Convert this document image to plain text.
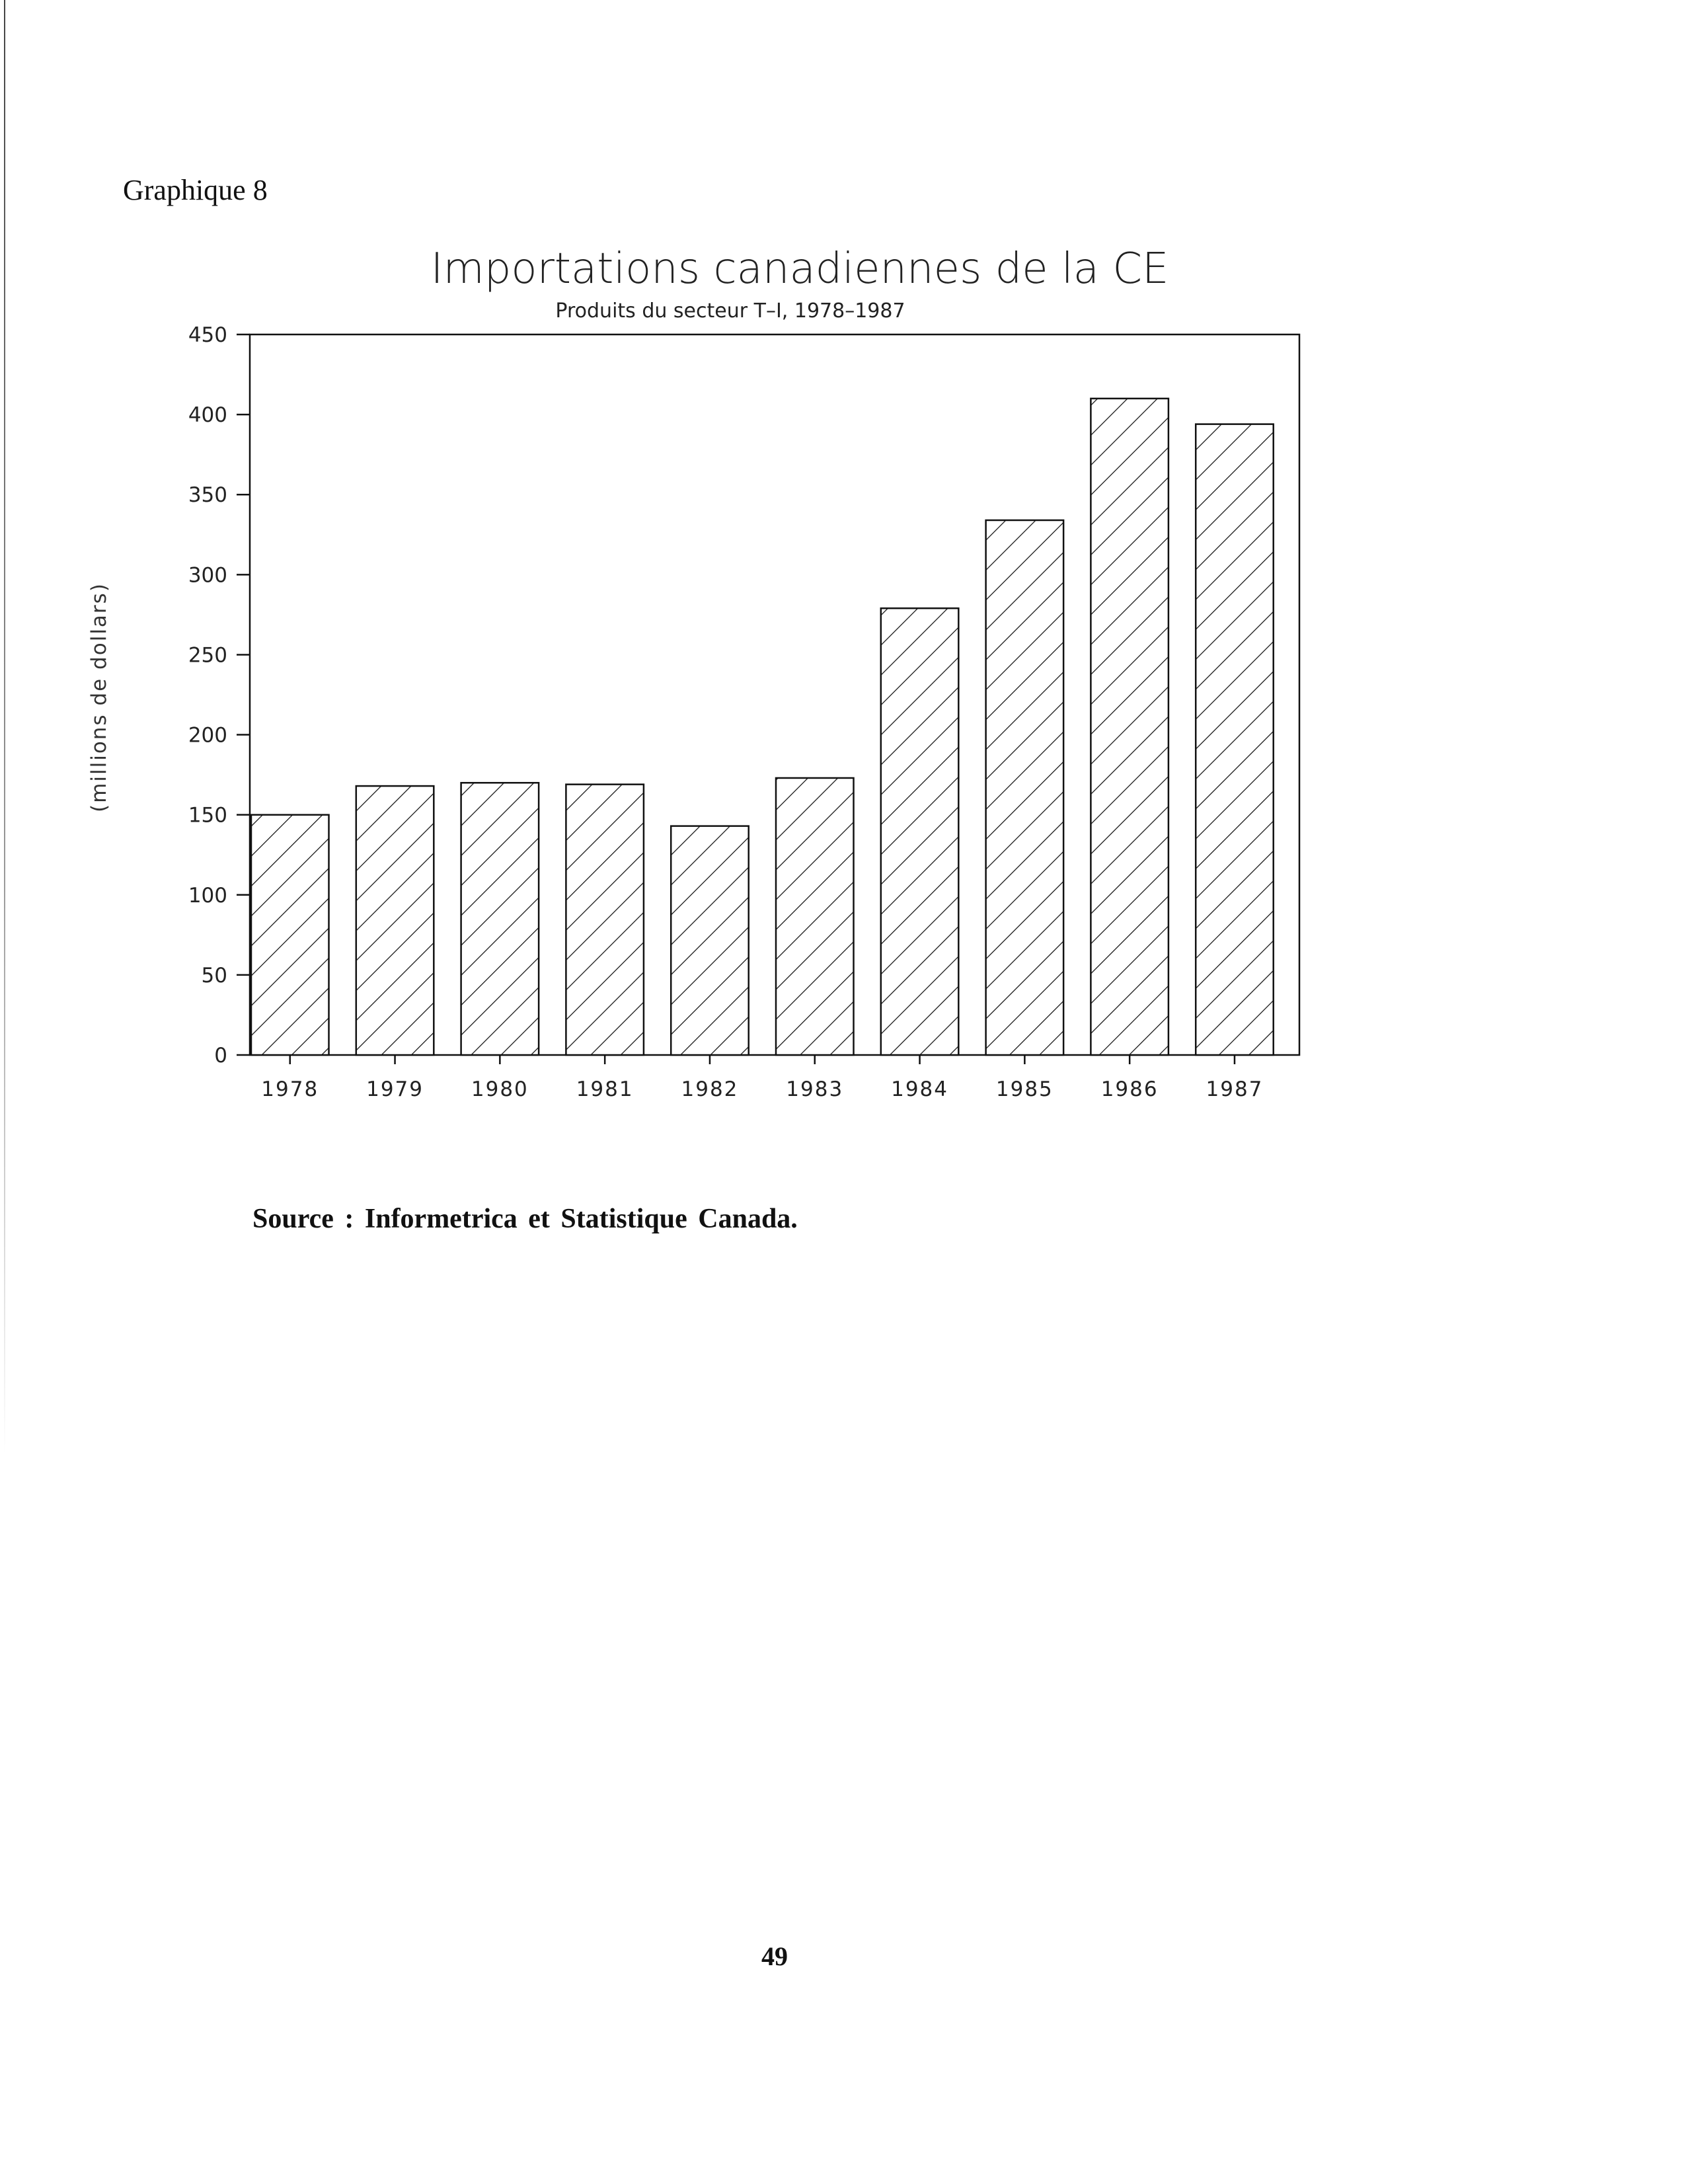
Graphique 8
Importations canadiennes de la CE
Produits du secteur T–I, 1978–1987
(millions de dollars)
0
50
100
150
200
250
300
350
400
450
1978 1979 1980 1981 1982 1983 1984 1985 1986 1987
Source : Informetrica et Statistique Canada.
49
